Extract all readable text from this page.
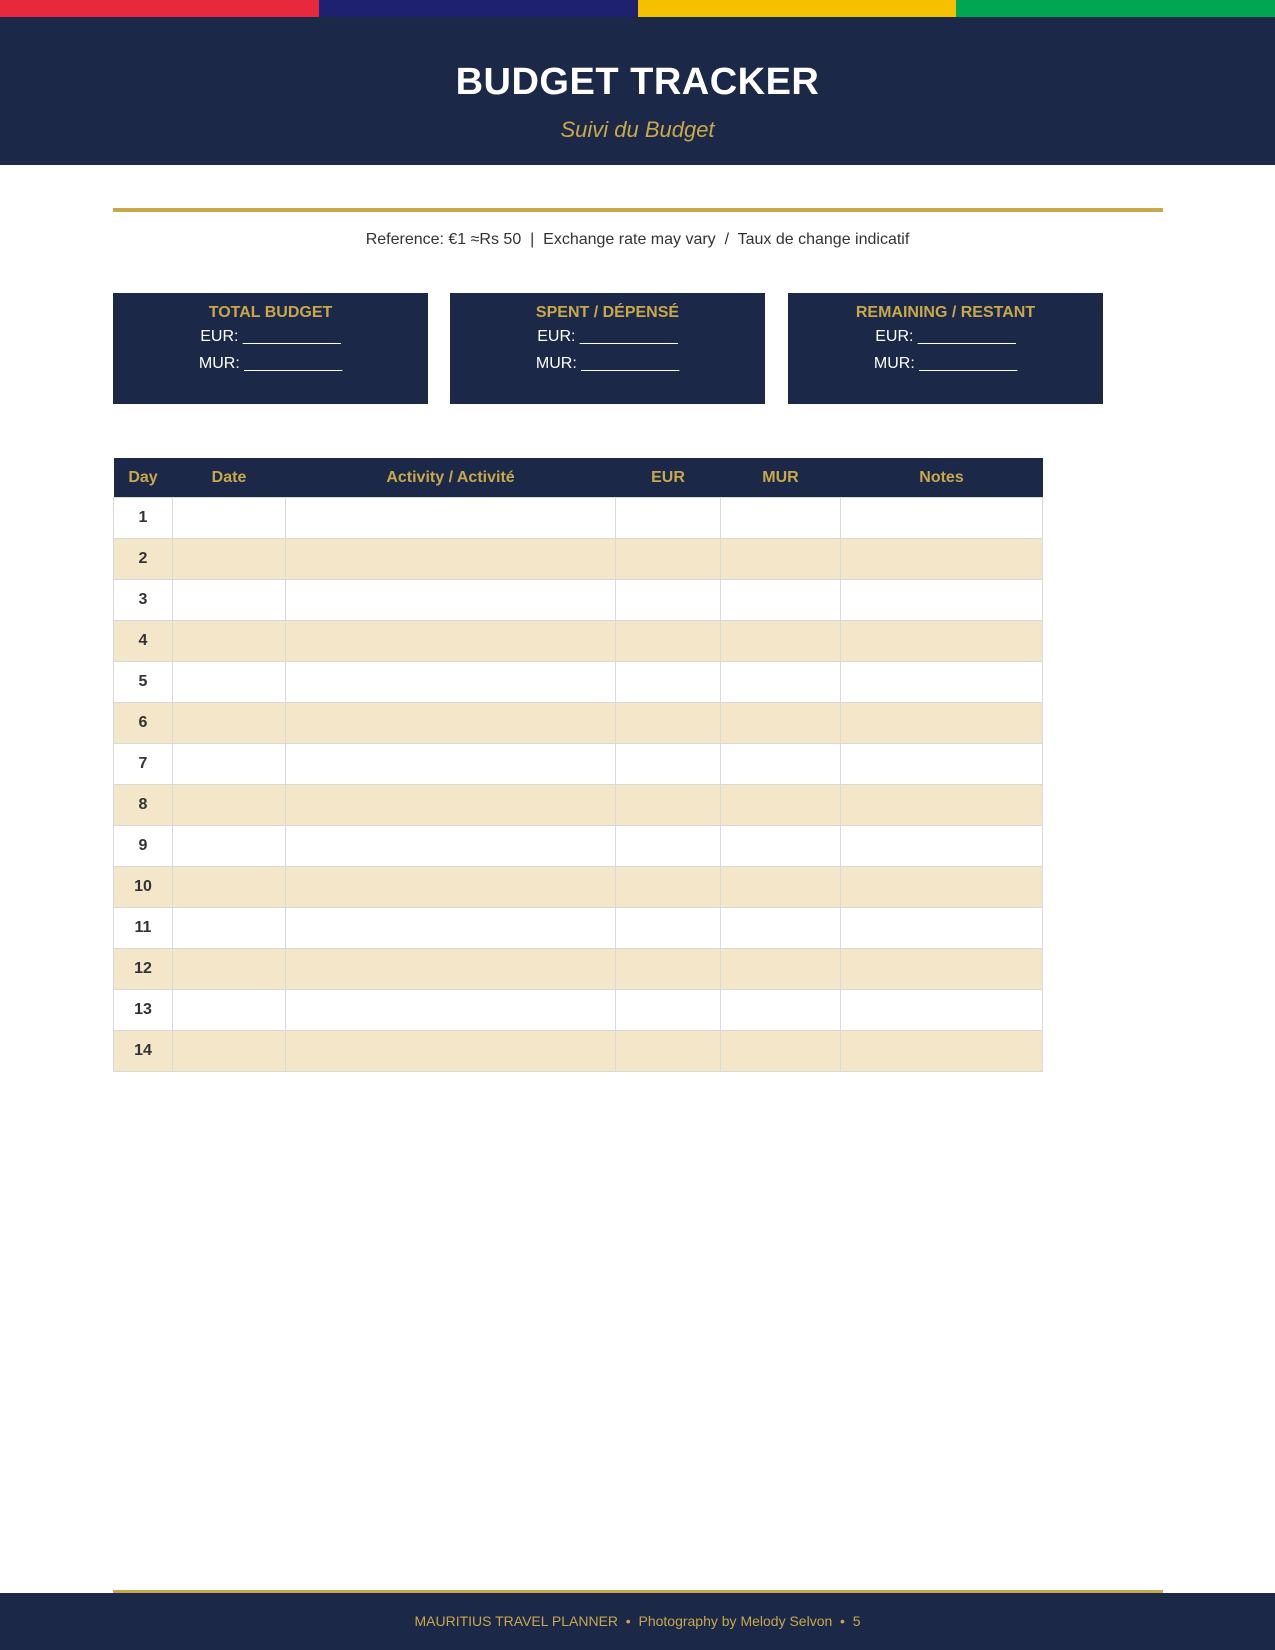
BUDGET TRACKER
Suivi du Budget
Reference: €1 ≈Rs 50  |  Exchange rate may vary  /  Taux de change indicatif
TOTAL BUDGET
EUR: ___________
MUR: ___________
SPENT / DÉPENSÉ
EUR: ___________
MUR: ___________
REMAINING / RESTANT
EUR: ___________
MUR: ___________
Day	Date	Activity / Activité	EUR	MUR	Notes
1					
2					
3					
4					
5					
6					
7					
8					
9					
10					
11					
12					
13					
14					
MAURITIUS TRAVEL PLANNER  •  Photography by Melody Selvon  •  5
